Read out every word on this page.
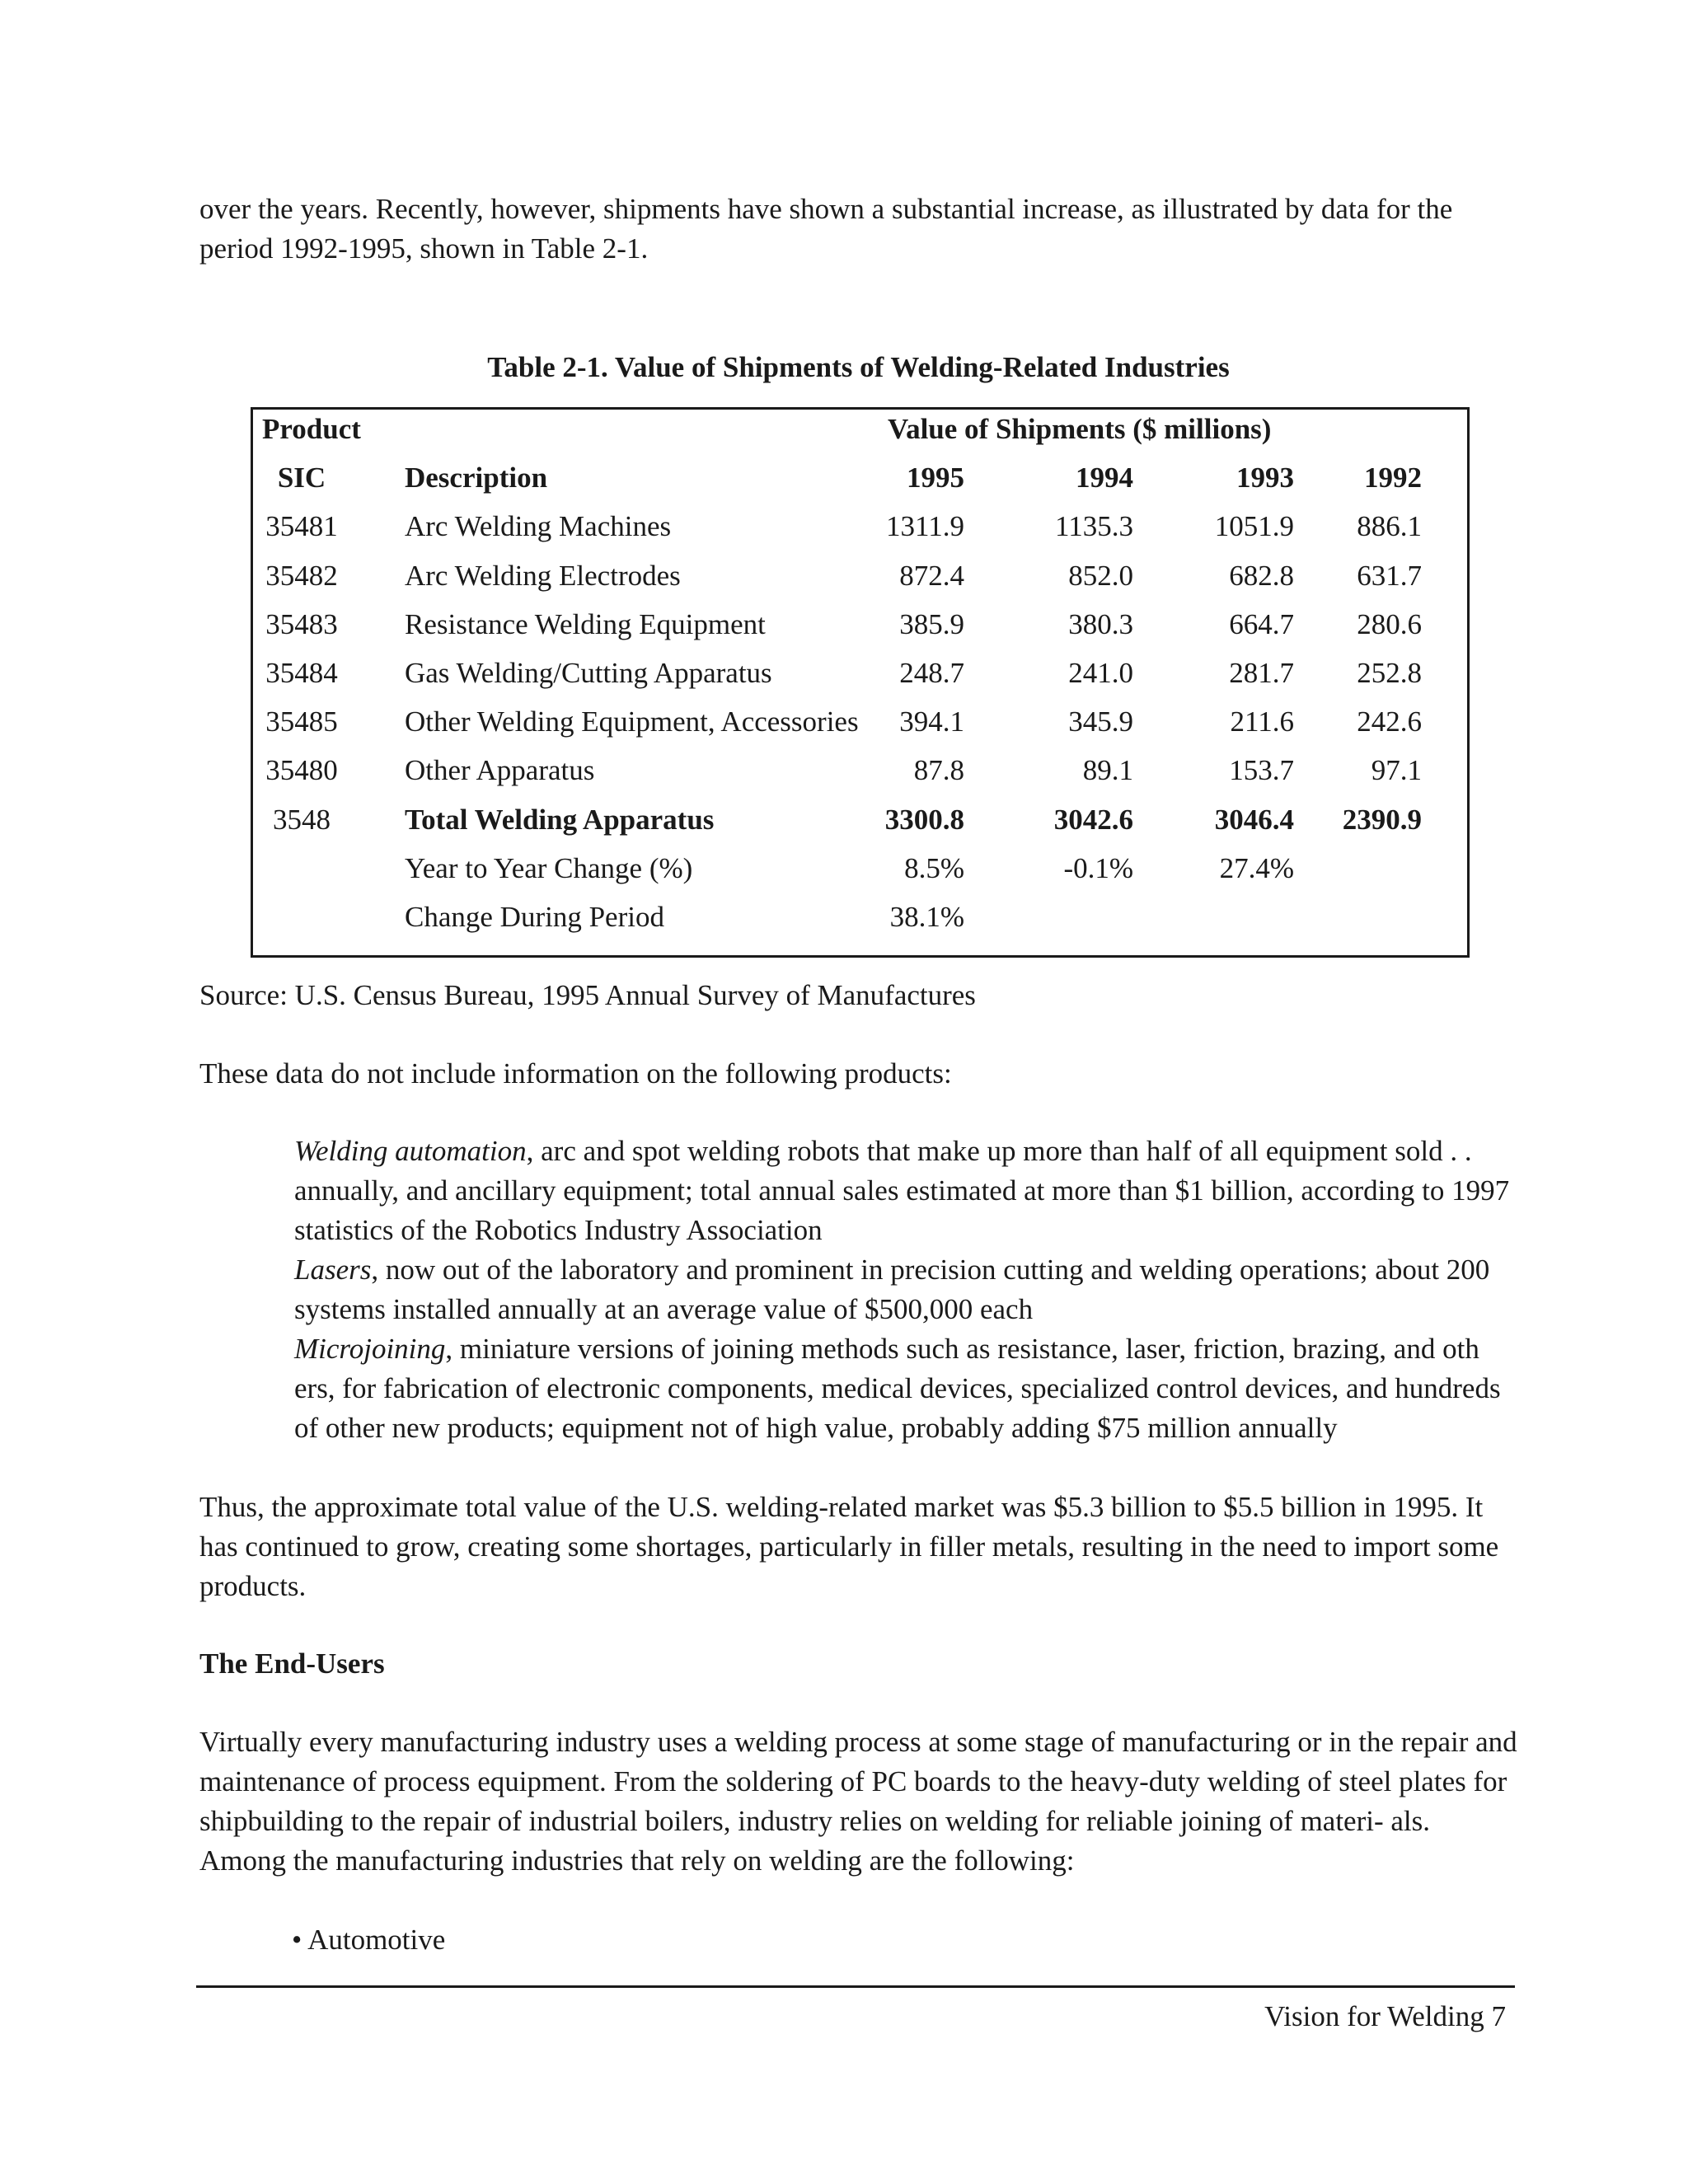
over the years. Recently, however, shipments have shown a substantial increase, as illustrated by data for the period 1992-1995, shown in Table 2-1.
Table 2-1. Value of Shipments of Welding-Related Industries
Product	Value of Shipments ($ millions)
SIC	Description	1995	1994	1993	1992
35481 Arc Welding Machines	1311.9	1135.3	1051.9	886.1
35482 Arc Welding Electrodes	872.4	852.0	682.8	631.7
35483 Resistance Welding Equipment	385.9	380.3	664.7	280.6
35484 Gas Welding/Cutting Apparatus	248.7	241.0	281.7	252.8
35485 Other Welding Equipment, Accessories	394.1	345.9	211.6	242.6
35480 Other Apparatus	87.8	89.1	153.7	97.1
3548	Total Welding Apparatus	3300.8	3042.6	3046.4	2390.9
Year to Year Change (%)	8.5%	-0.1%	27.4%
Change During Period	38.1%
Source: U.S. Census Bureau, 1995 Annual Survey of Manufactures
These data do not include information on the following products:

Welding automation, arc and spot welding robots that make up more than half of all equipment sold . . annually, and ancillary equipment; total annual sales estimated at more than $1 billion, according to 1997 statistics of the Robotics Industry Association

Lasers, now out of the laboratory and prominent in precision cutting and welding operations; about 200 systems installed annually at an average value of $500,000 each

Microjoining, miniature versions of joining methods such as resistance, laser, friction, brazing, and oth ers, for fabrication of electronic components, medical devices, specialized control devices, and hundreds of other new products; equipment not of high value, probably adding $75 million annually

Thus, the approximate total value of the U.S. welding-related market was $5.3 billion to $5.5 billion in 1995. It has continued to grow, creating some shortages, particularly in filler metals, resulting in the need to import some products.
The End-Users
Virtually every manufacturing industry uses a welding process at some stage of manufacturing or in the repair and maintenance of process equipment. From the soldering of PC boards to the heavy-duty welding of steel plates for shipbuilding to the repair of industrial boilers, industry relies on welding for reliable joining of materi- als. Among the manufacturing industries that rely on welding are the following:
• Automotive
Vision for Welding 7
